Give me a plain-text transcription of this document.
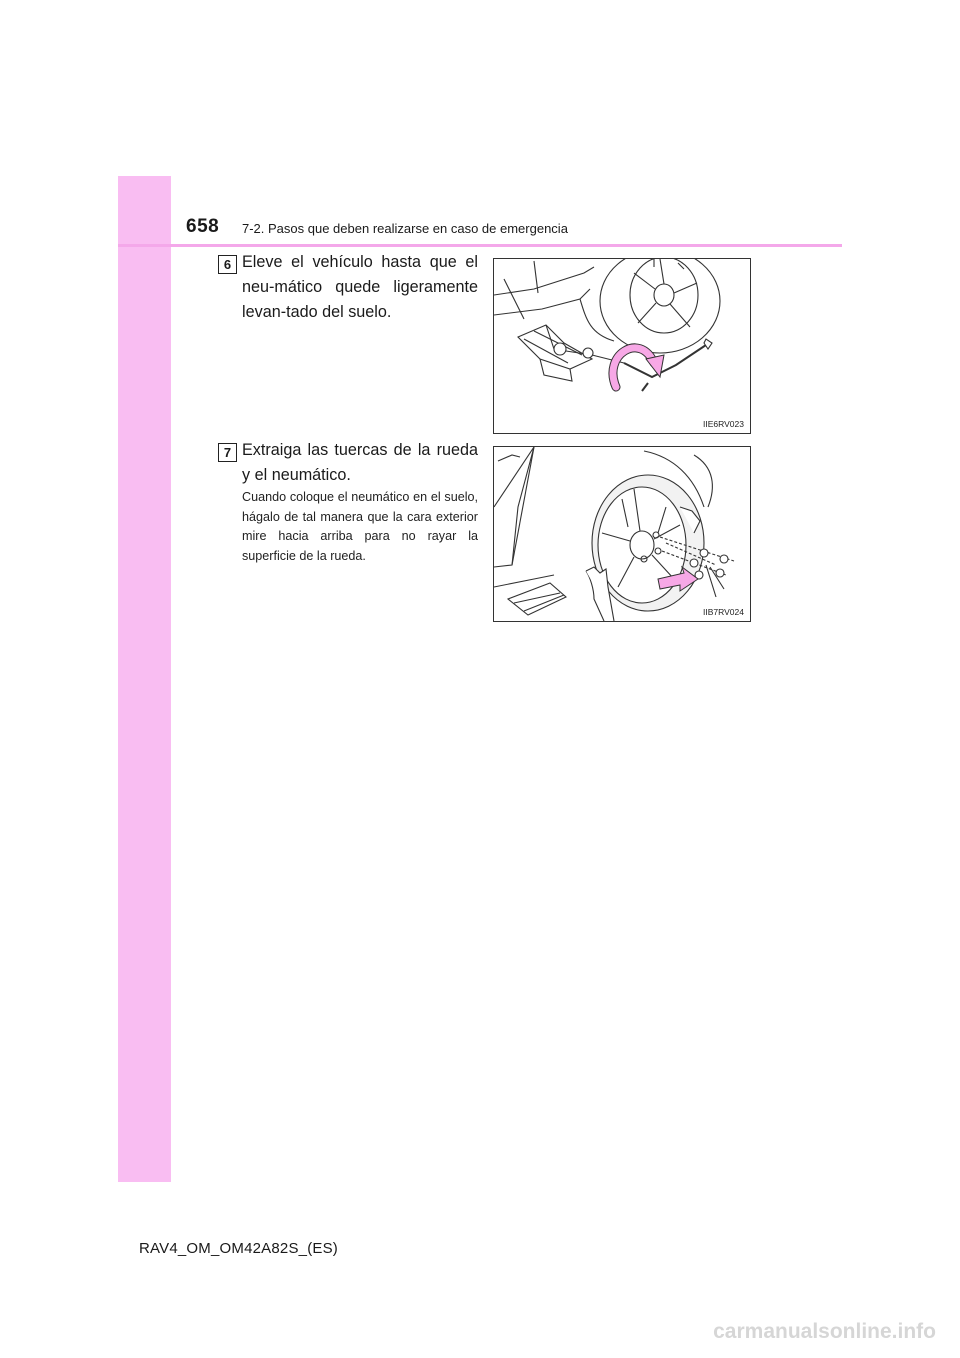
658 7-2. Pasos que deben realizarse en caso de emergencia
6 Eleve el vehículo hasta que el neu-mático quede ligeramente levan-tado del suelo.
IIE6RV023
7 Extraiga las tuercas de la rueda y el neumático.
Cuando coloque el neumático en el suelo, hágalo de tal manera que la cara exterior mire hacia arriba para no rayar la superficie de la rueda.
IIB7RV024
RAV4_OM_OM42A82S_(ES)
carmanualsonline.info
